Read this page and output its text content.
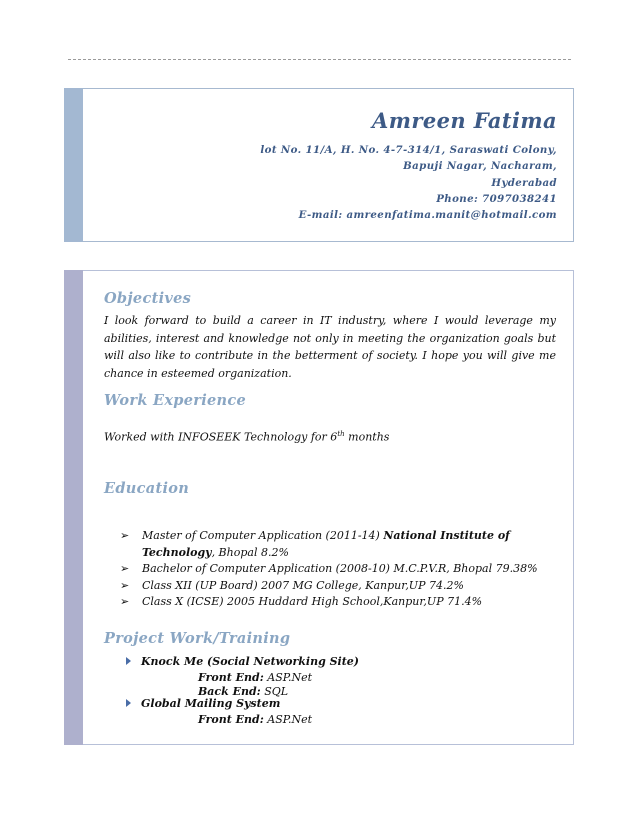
Amreen Fatima
lot No. 11/A, H. No. 4-7-314/1, Saraswati Colony,
Bapuji Nagar, Nacharam,
Hyderabad
Phone: 7097038241
E-mail: amreenfatima.manit@hotmail.com
Objectives
I look forward to build a career in IT industry, where I would leverage my abilities, interest and knowledge not only in meeting the organization goals but will also like to contribute in the betterment of society. I hope you will give me chance in esteemed organization.
Work Experience
Worked with INFOSEEK Technology for 6th months
Education
➢ Master of Computer Application (2011-14) National Institute of Technology, Bhopal 8.2%
➢ Bachelor of Computer Application (2008-10) M.C.P.V.R, Bhopal 79.38%
➢ Class XII (UP Board) 2007 MG College, Kanpur,UP 74.2%
➢ Class X (ICSE) 2005 Huddard High School,Kanpur,UP 71.4%
Project Work/Training
Knock Me (Social Networking Site)
Front End: ASP.Net
Back End: SQL
Global Mailing System
Front End: ASP.Net
